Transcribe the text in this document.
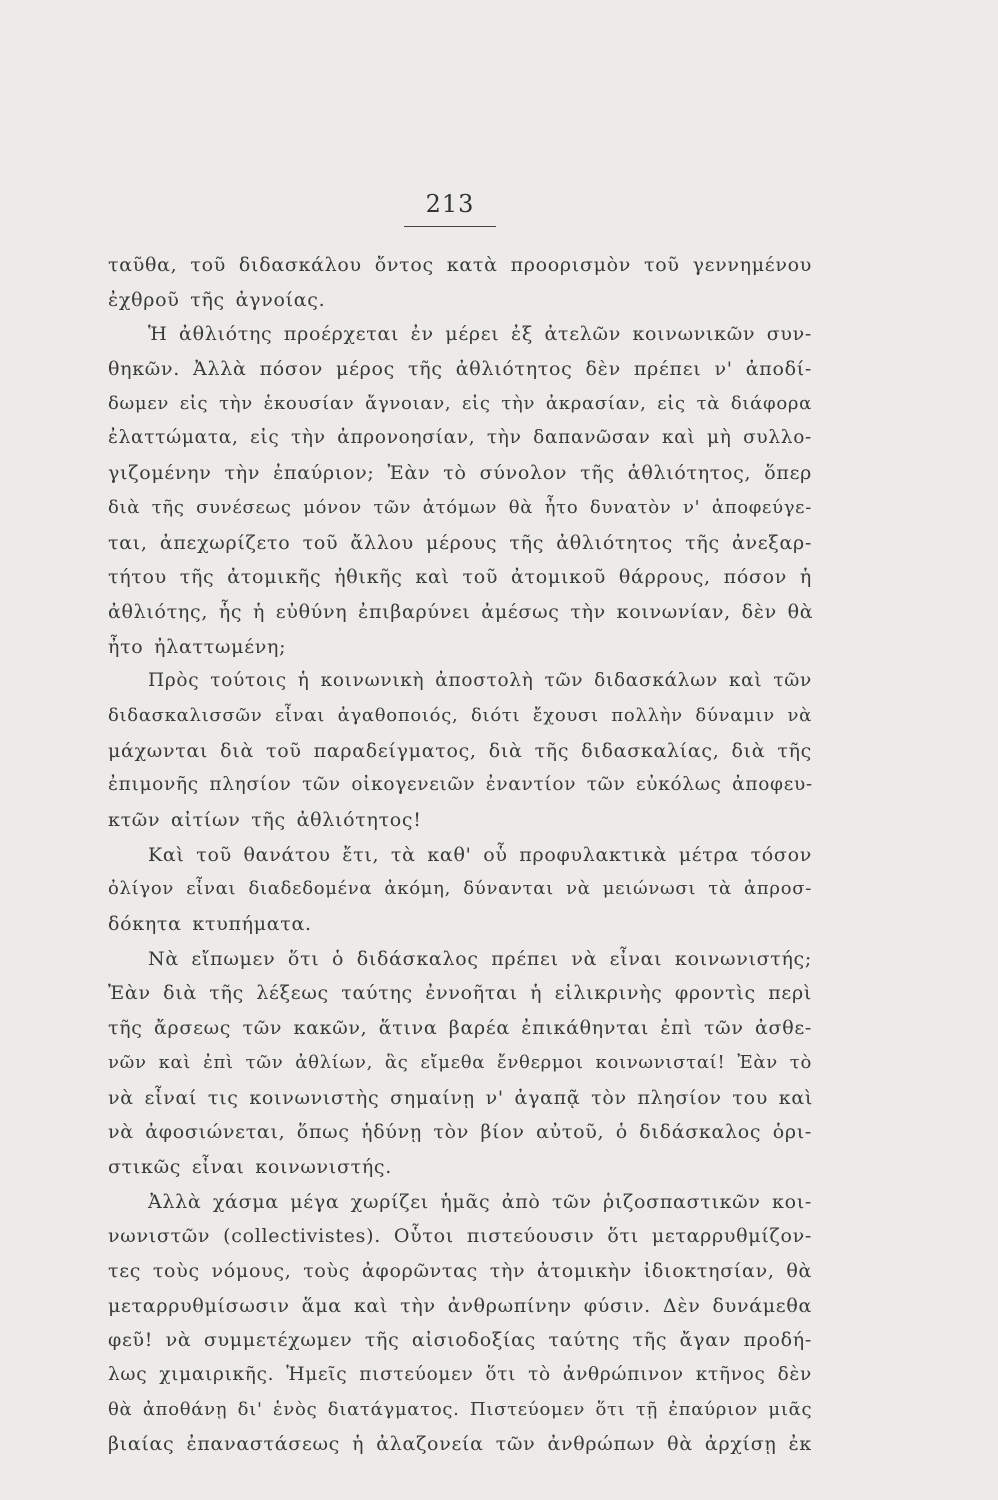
213
ταῦθα, τοῦ διδασκάλου ὄντος κατὰ προορισμὸν τοῦ γεννημένου
ἐχθροῦ τῆς ἀγνοίας.
Ἡ ἀθλιότης προέρχεται ἐν μέρει ἐξ ἀτελῶν κοινωνικῶν συν-
θηκῶν. Ἀλλὰ πόσον μέρος τῆς ἀθλιότητος δὲν πρέπει ν' ἀποδί-
δωμεν εἰς τὴν ἑκουσίαν ἄγνοιαν, εἰς τὴν ἀκρασίαν, εἰς τὰ διάφορα
ἐλαττώματα, εἰς τὴν ἀπρονοησίαν, τὴν δαπανῶσαν καὶ μὴ συλλο-
γιζομένην τὴν ἐπαύριον; Ἐὰν τὸ σύνολον τῆς ἀθλιότητος, ὅπερ
διὰ τῆς συνέσεως μόνον τῶν ἀτόμων θὰ ἦτο δυνατὸν ν' ἀποφεύγε-
ται, ἀπεχωρίζετο τοῦ ἄλλου μέρους τῆς ἀθλιότητος τῆς ἀνεξαρ-
τήτου τῆς ἀτομικῆς ἠθικῆς καὶ τοῦ ἀτομικοῦ θάρρους, πόσον ἡ
ἀθλιότης, ἧς ἡ εὐθύνη ἐπιβαρύνει ἀμέσως τὴν κοινωνίαν, δὲν θὰ
ἦτο ἠλαττωμένη;
Πρὸς τούτοις ἡ κοινωνικὴ ἀποστολὴ τῶν διδασκάλων καὶ τῶν
διδασκαλισσῶν εἶναι ἀγαθοποιός, διότι ἔχουσι πολλὴν δύναμιν νὰ
μάχωνται διὰ τοῦ παραδείγματος, διὰ τῆς διδασκαλίας, διὰ τῆς
ἐπιμονῆς πλησίον τῶν οἰκογενειῶν ἐναντίον τῶν εὐκόλως ἀποφευ-
κτῶν αἰτίων τῆς ἀθλιότητος!
Καὶ τοῦ θανάτου ἔτι, τὰ καθ' οὗ προφυλακτικὰ μέτρα τόσον
ὀλίγον εἶναι διαδεδομένα ἀκόμη, δύνανται νὰ μειώνωσι τὰ ἀπροσ-
δόκητα κτυπήματα.
Νὰ εἴπωμεν ὅτι ὁ διδάσκαλος πρέπει νὰ εἶναι κοινωνιστής;
Ἐὰν διὰ τῆς λέξεως ταύτης ἐννοῆται ἡ εἰλικρινὴς φροντὶς περὶ
τῆς ἄρσεως τῶν κακῶν, ἅτινα βαρέα ἐπικάθηνται ἐπὶ τῶν ἀσθε-
νῶν καὶ ἐπὶ τῶν ἀθλίων, ἃς εἴμεθα ἔνθερμοι κοινωνισταί! Ἐὰν τὸ
νὰ εἶναί τις κοινωνιστὴς σημαίνῃ ν' ἀγαπᾷ τὸν πλησίον του καὶ
νὰ ἀφοσιώνεται, ὅπως ἡδύνῃ τὸν βίον αὐτοῦ, ὁ διδάσκαλος ὁρι-
στικῶς εἶναι κοινωνιστής.
Ἀλλὰ χάσμα μέγα χωρίζει ἡμᾶς ἀπὸ τῶν ῥιζοσπαστικῶν κοι-
νωνιστῶν (collectivistes). Οὗτοι πιστεύουσιν ὅτι μεταρρυθμίζον-
τες τοὺς νόμους, τοὺς ἀφορῶντας τὴν ἀτομικὴν ἰδιοκτησίαν, θὰ
μεταρρυθμίσωσιν ἅμα καὶ τὴν ἀνθρωπίνην φύσιν. Δὲν δυνάμεθα
φεῦ! νὰ συμμετέχωμεν τῆς αἰσιοδοξίας ταύτης τῆς ἄγαν προδή-
λως χιμαιρικῆς. Ἡμεῖς πιστεύομεν ὅτι τὸ ἀνθρώπινον κτῆνος δὲν
θὰ ἀποθάνῃ δι' ἑνὸς διατάγματος. Πιστεύομεν ὅτι τῇ ἐπαύριον μιᾶς
βιαίας ἐπαναστάσεως ἡ ἀλαζονεία τῶν ἀνθρώπων θὰ ἀρχίσῃ ἐκ
